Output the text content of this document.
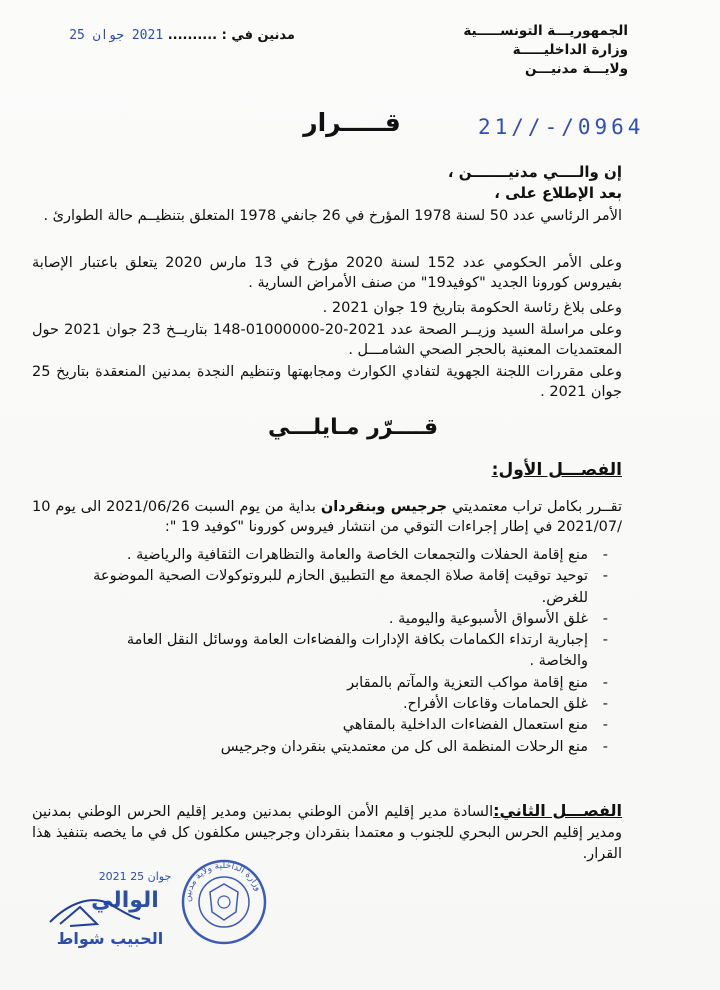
الجمهوريـــة التونســـــية
وزارة الداخليـــــة
ولايـــة مدنيـــن
مدنين في : .......... 2021 جوان 25
21//-/0964
قـــــرار
إن والــــي مدنيـــــــن ،
بعد الإطلاع على ،
الأمر الرئاسي عدد 50 لسنة 1978 المؤرخ في 26 جانفي 1978 المتعلق بتنظيــم حالة الطوارئ .
وعلى الأمر الحكومي عدد 152 لسنة 2020 مؤرخ في 13 مارس 2020 يتعلق باعتبار الإصابة بفيروس كورونا الجديد "كوفيد19" من صنف الأمراض السارية .
وعلى بلاغ رئاسة الحكومة بتاريخ 19 جوان 2021 .
وعلى مراسلة السيد وزيــر الصحة عدد 2021-20-01000000-148 بتاريــخ 23 جوان 2021 حول المعتمديات المعنية بالحجر الصحي الشامـــل .
وعلى مقررات اللجنة الجهوية لتفادي الكوارث ومجابهتها وتنظيم النجدة بمدنين المنعقدة بتاريخ 25 جوان 2021 .
قــــرّر مـايلـــي
الفصـــل الأول:
تقــرر بكامل تراب معتمديتي جرجيس وبنقردان بداية من يوم السبت 2021/06/26 الى يوم 10 /2021/07 في إطار إجراءات التوقي من انتشار فيروس كورونا "كوفيد 19 ":
-
منع إقامة الحفلات والتجمعات الخاصة والعامة والتظاهرات الثقافية والرياضية .
-
توحيد توقيت إقامة صلاة الجمعة مع التطبيق الحازم للبروتوكولات الصحية الموضوعة للغرض.
-
غلق الأسواق الأسبوعية واليومية .
-
إجبارية ارتداء الكمامات بكافة الإدارات والفضاءات العامة ووسائل النقل العامة والخاصة .
-
منع إقامة مواكب التعزية والمآتم بالمقابر
-
غلق الحمامات وقاعات الأفراح.
-
منع استعمال الفضاءات الداخلية بالمقاهي
-
منع الرحلات المنظمة الى كل من معتمديتي بنقردان وجرجيس
الفصـــل الثاني:السادة مدير إقليم الأمن الوطني بمدنين ومدير إقليم الحرس الوطني بمدنين ومدير إقليم الحرس البحري للجنوب و معتمدا بنقردان وجرجيس مكلفون كل في ما يخصه بتنفيذ هذا القرار.
2021 جوان 25
الوالي
الحبيب شواط
وزارة الداخلية ولاية مدنين
